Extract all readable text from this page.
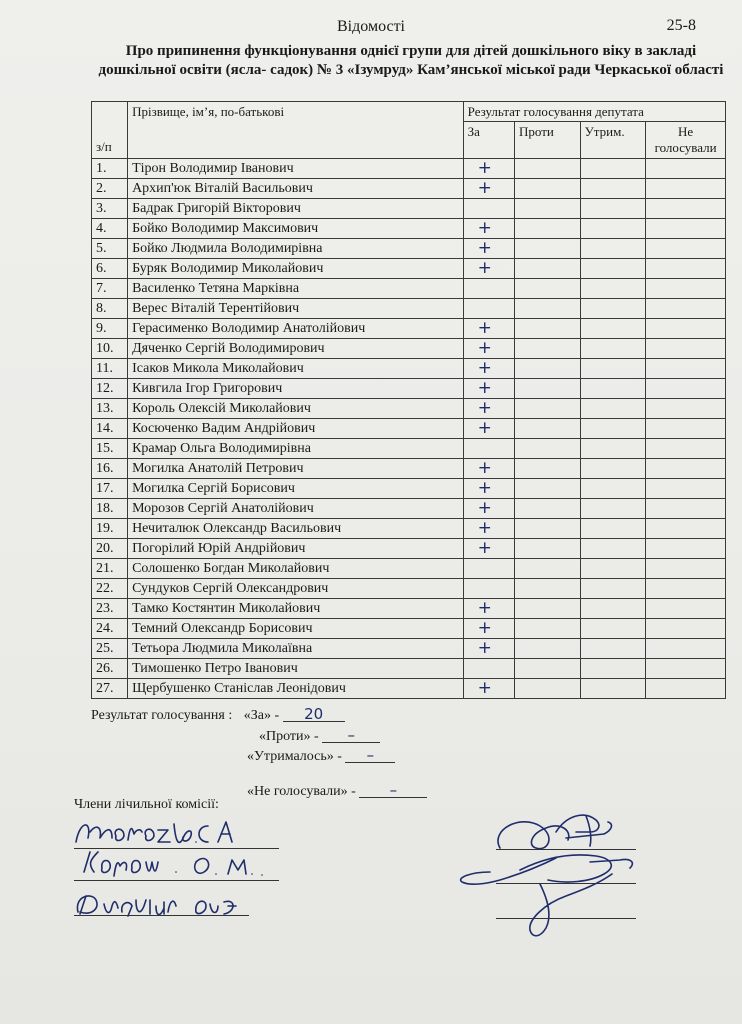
Відомості	25-8
Про припинення функціонування однієї групи для дітей дошкільного віку в закладі дошкільної освіти (ясла- садок) № 3 «Ізумруд» Кам’янської міської ради Черкаської області
з/п	Прізвище, ім’я, по-батькові	Результат голосування депутата			
		За	Проти	Утрим.	Не голосували
1.	Тірон Володимир Іванович	+			
2.	Архип'юк Віталій Васильович	+			
3.	Бадрак Григорій Вікторович				
4.	Бойко Володимир Максимович	+			
5.	Бойко Людмила Володимирівна	+			
6.	Буряк Володимир Миколайович	+			
7.	Василенко Тетяна Марківна				
8.	Верес Віталій Терентійович				
9.	Герасименко Володимир Анатолійович	+			
10.	Дяченко Сергій Володимирович	+			
11.	Ісаков Микола Миколайович	+			
12.	Кивгила Ігор Григорович	+			
13.	Король Олексій Миколайович	+			
14.	Косюченко Вадим Андрійович	+			
15.	Крамар Ольга Володимирівна				
16.	Могилка Анатолій Петрович	+			
17.	Могилка Сергій Борисович	+			
18.	Морозов Сергій Анатолійович	+			
19.	Нечиталюк Олександр Васильович	+			
20.	Погорілий Юрій Андрійович	+			
21.	Солошенко Богдан Миколайович				
22.	Сундуков Сергій Олександрович				
23.	Тамко Костянтин Миколайович	+			
24.	Темний Олександр Борисович	+			
25.	Тетьора Людмила Миколаївна	+			
26.	Тимошенко Петро Іванович				
27.	Щербушенко Станіслав Леонідович	+			
Результат голосування : «За» - 20
«Проти» - –
«Утрималось» - –
«Не голосували» - –
Члени лічильної комісії:
